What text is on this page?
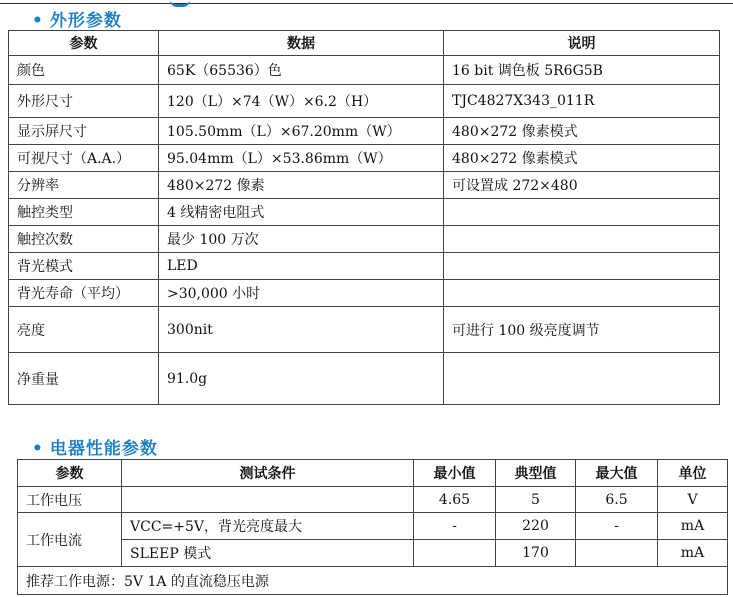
• 外形参数
参数	数据	说明
颜色	65K（65536）色	16 bit 调色板 5R6G5B
外形尺寸	120（L）×74（W）×6.2（H）	TJC4827X343_011R
显示屏尺寸	105.50mm（L）×67.20mm（W）	480×272 像素模式
可视尺寸（A.A.）	95.04mm（L）×53.86mm（W）	480×272 像素模式
分辨率	480×272 像素	可设置成 272×480
触控类型	4 线精密电阻式	
触控次数	最少 100 万次	
背光模式	LED	
背光寿命（平均）	>30,000 小时	
亮度	300nit	可进行 100 级亮度调节
净重量	91.0g	
• 电器性能参数
参数	测试条件	最小值	典型值	最大值	单位
工作电压		4.65	5	6.5	V
工作电流	VCC=+5V，背光亮度最大	-	220	-	mA
	SLEEP 模式		170		mA
推荐工作电源：5V 1A 的直流稳压电源					
